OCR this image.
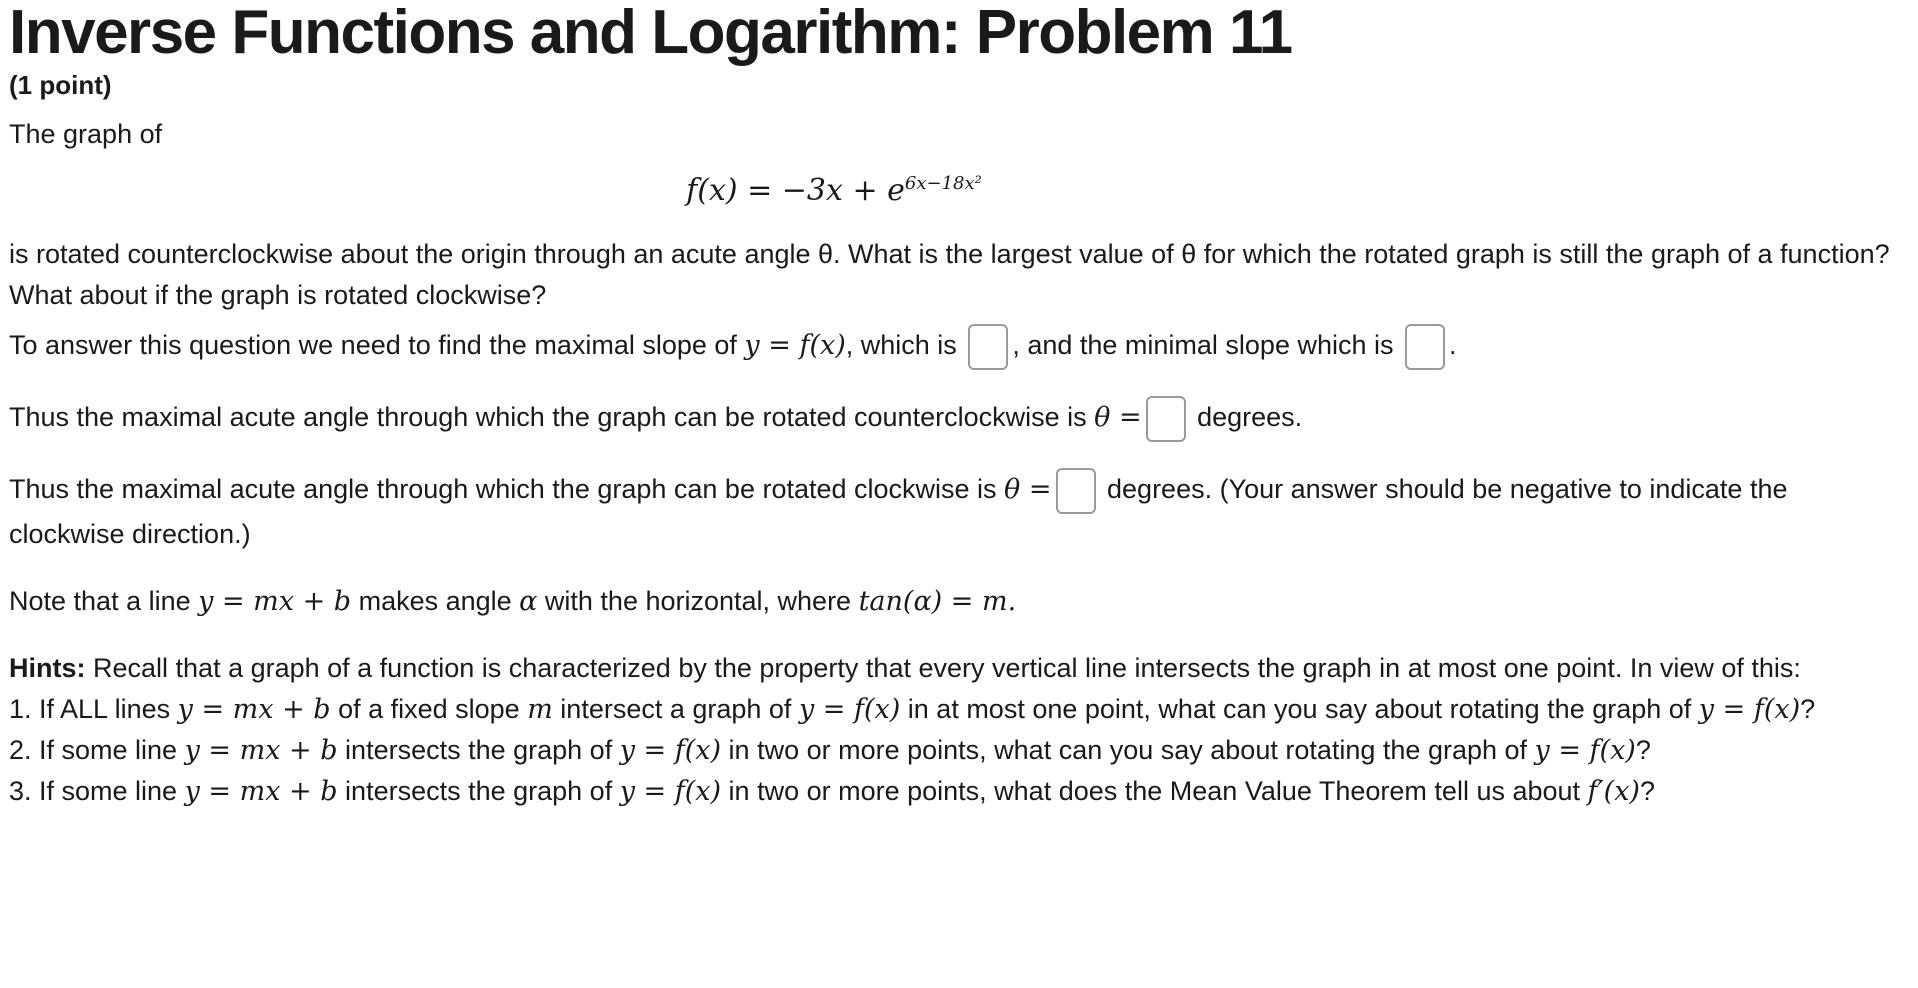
Inverse Functions and Logarithm: Problem 11
(1 point)
The graph of
$f(x) = -3x + e^{6x-18x^2}$
is rotated counterclockwise about the origin through an acute angle θ. What is the largest value of θ for which the rotated graph is still the graph of a function? What about if the graph is rotated clockwise?
To answer this question we need to find the maximal slope of y = f(x), which is , and the minimal slope which is .
Thus the maximal acute angle through which the graph can be rotated counterclockwise is θ = degrees.
Thus the maximal acute angle through which the graph can be rotated clockwise is θ = degrees. (Your answer should be negative to indicate the clockwise direction.)
Note that a line y = mx + b makes angle α with the horizontal, where tan(α) = m.
Hints: Recall that a graph of a function is characterized by the property that every vertical line intersects the graph in at most one point. In view of this:
1. If ALL lines y = mx + b of a fixed slope m intersect a graph of y = f(x) in at most one point, what can you say about rotating the graph of y = f(x)?
2. If some line y = mx + b intersects the graph of y = f(x) in two or more points, what can you say about rotating the graph of y = f(x)?
3. If some line y = mx + b intersects the graph of y = f(x) in two or more points, what does the Mean Value Theorem tell us about f′(x)?
